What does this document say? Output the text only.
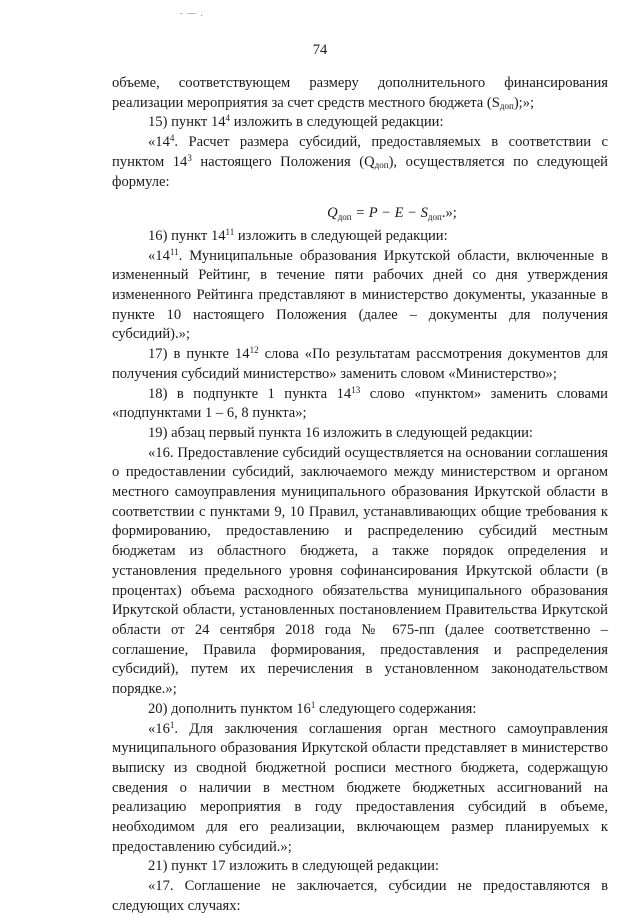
- — .
74

объеме, соответствующем размеру дополнительного финансирования реализации мероприятия за счет средств местного бюджета $(S_{доп})$;»;

15) пункт $14^4$ изложить в следующей редакции:

«$14^4$. Расчет размера субсидий, предоставляемых в соответствии с пунктом $14^3$ настоящего Положения $(Q_{доп})$, осуществляется по следующей формуле:

$Q_{доп} = P - E - S_{доп}$.»;

16) пункт $14^{11}$ изложить в следующей редакции:

«$14^{11}$. Муниципальные образования Иркутской области, включенные в измененный Рейтинг, в течение пяти рабочих дней со дня утверждения измененного Рейтинга представляют в министерство документы, указанные в пункте 10 настоящего Положения (далее – документы для получения субсидий).»;

17) в пункте $14^{12}$ слова «По результатам рассмотрения документов для получения субсидий министерство» заменить словом «Министерство»;

18) в подпункте 1 пункта $14^{13}$ слово «пунктом» заменить словами «подпунктами 1 – 6, 8 пункта»;

19) абзац первый пункта 16 изложить в следующей редакции:

«16. Предоставление субсидий осуществляется на основании соглашения о предоставлении субсидий, заключаемого между министерством и органом местного самоуправления муниципального образования Иркутской области в соответствии с пунктами 9, 10 Правил, устанавливающих общие требования к формированию, предоставлению и распределению субсидий местным бюджетам из областного бюджета, а также порядок определения и установления предельного уровня софинансирования Иркутской области (в процентах) объема расходного обязательства муниципального образования Иркутской области, установленных постановлением Правительства Иркутской области от 24 сентября 2018 года № 675-пп (далее соответственно – соглашение, Правила формирования, предоставления и распределения субсидий), путем их перечисления в установленном законодательством порядке.»;

20) дополнить пунктом $16^1$ следующего содержания:

«$16^1$. Для заключения соглашения орган местного самоуправления муниципального образования Иркутской области представляет в министерство выписку из сводной бюджетной росписи местного бюджета, содержащую сведения о наличии в местном бюджете бюджетных ассигнований на реализацию мероприятия в году предоставления субсидий в объеме, необходимом для его реализации, включающем размер планируемых к предоставлению субсидий.»;

21) пункт 17 изложить в следующей редакции:

«17. Соглашение не заключается, субсидии не предоставляются в следующих случаях:
